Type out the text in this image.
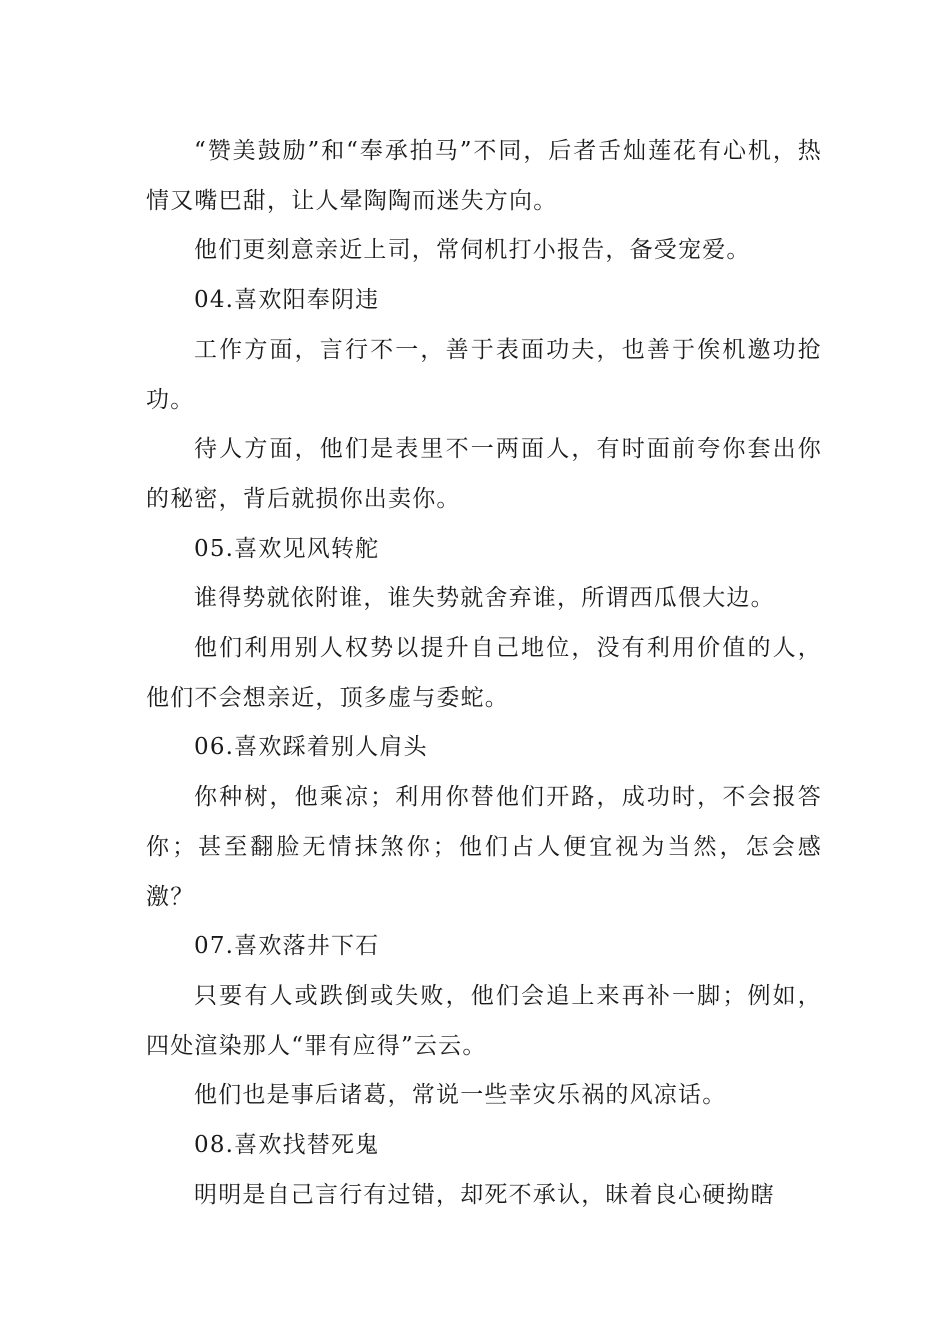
“赞美鼓励”和“奉承拍马”不同，后者舌灿莲花有心机，热情又嘴巴甜，让人晕陶陶而迷失方向。

他们更刻意亲近上司，常伺机打小报告，备受宠爱。

04.喜欢阳奉阴违

工作方面，言行不一，善于表面功夫，也善于俟机邀功抢功。

待人方面，他们是表里不一两面人，有时面前夸你套出你的秘密，背后就损你出卖你。

05.喜欢见风转舵

谁得势就依附谁，谁失势就舍弃谁，所谓西瓜偎大边。

他们利用别人权势以提升自己地位，没有利用价值的人，他们不会想亲近，顶多虚与委蛇。

06.喜欢踩着别人肩头

你种树，他乘凉；利用你替他们开路，成功时，不会报答你；甚至翻脸无情抹煞你；他们占人便宜视为当然，怎会感激？

07.喜欢落井下石

只要有人或跌倒或失败，他们会追上来再补一脚；例如，四处渲染那人“罪有应得”云云。

他们也是事后诸葛，常说一些幸灾乐祸的风凉话。

08.喜欢找替死鬼

明明是自己言行有过错，却死不承认，昧着良心硬拗瞎
